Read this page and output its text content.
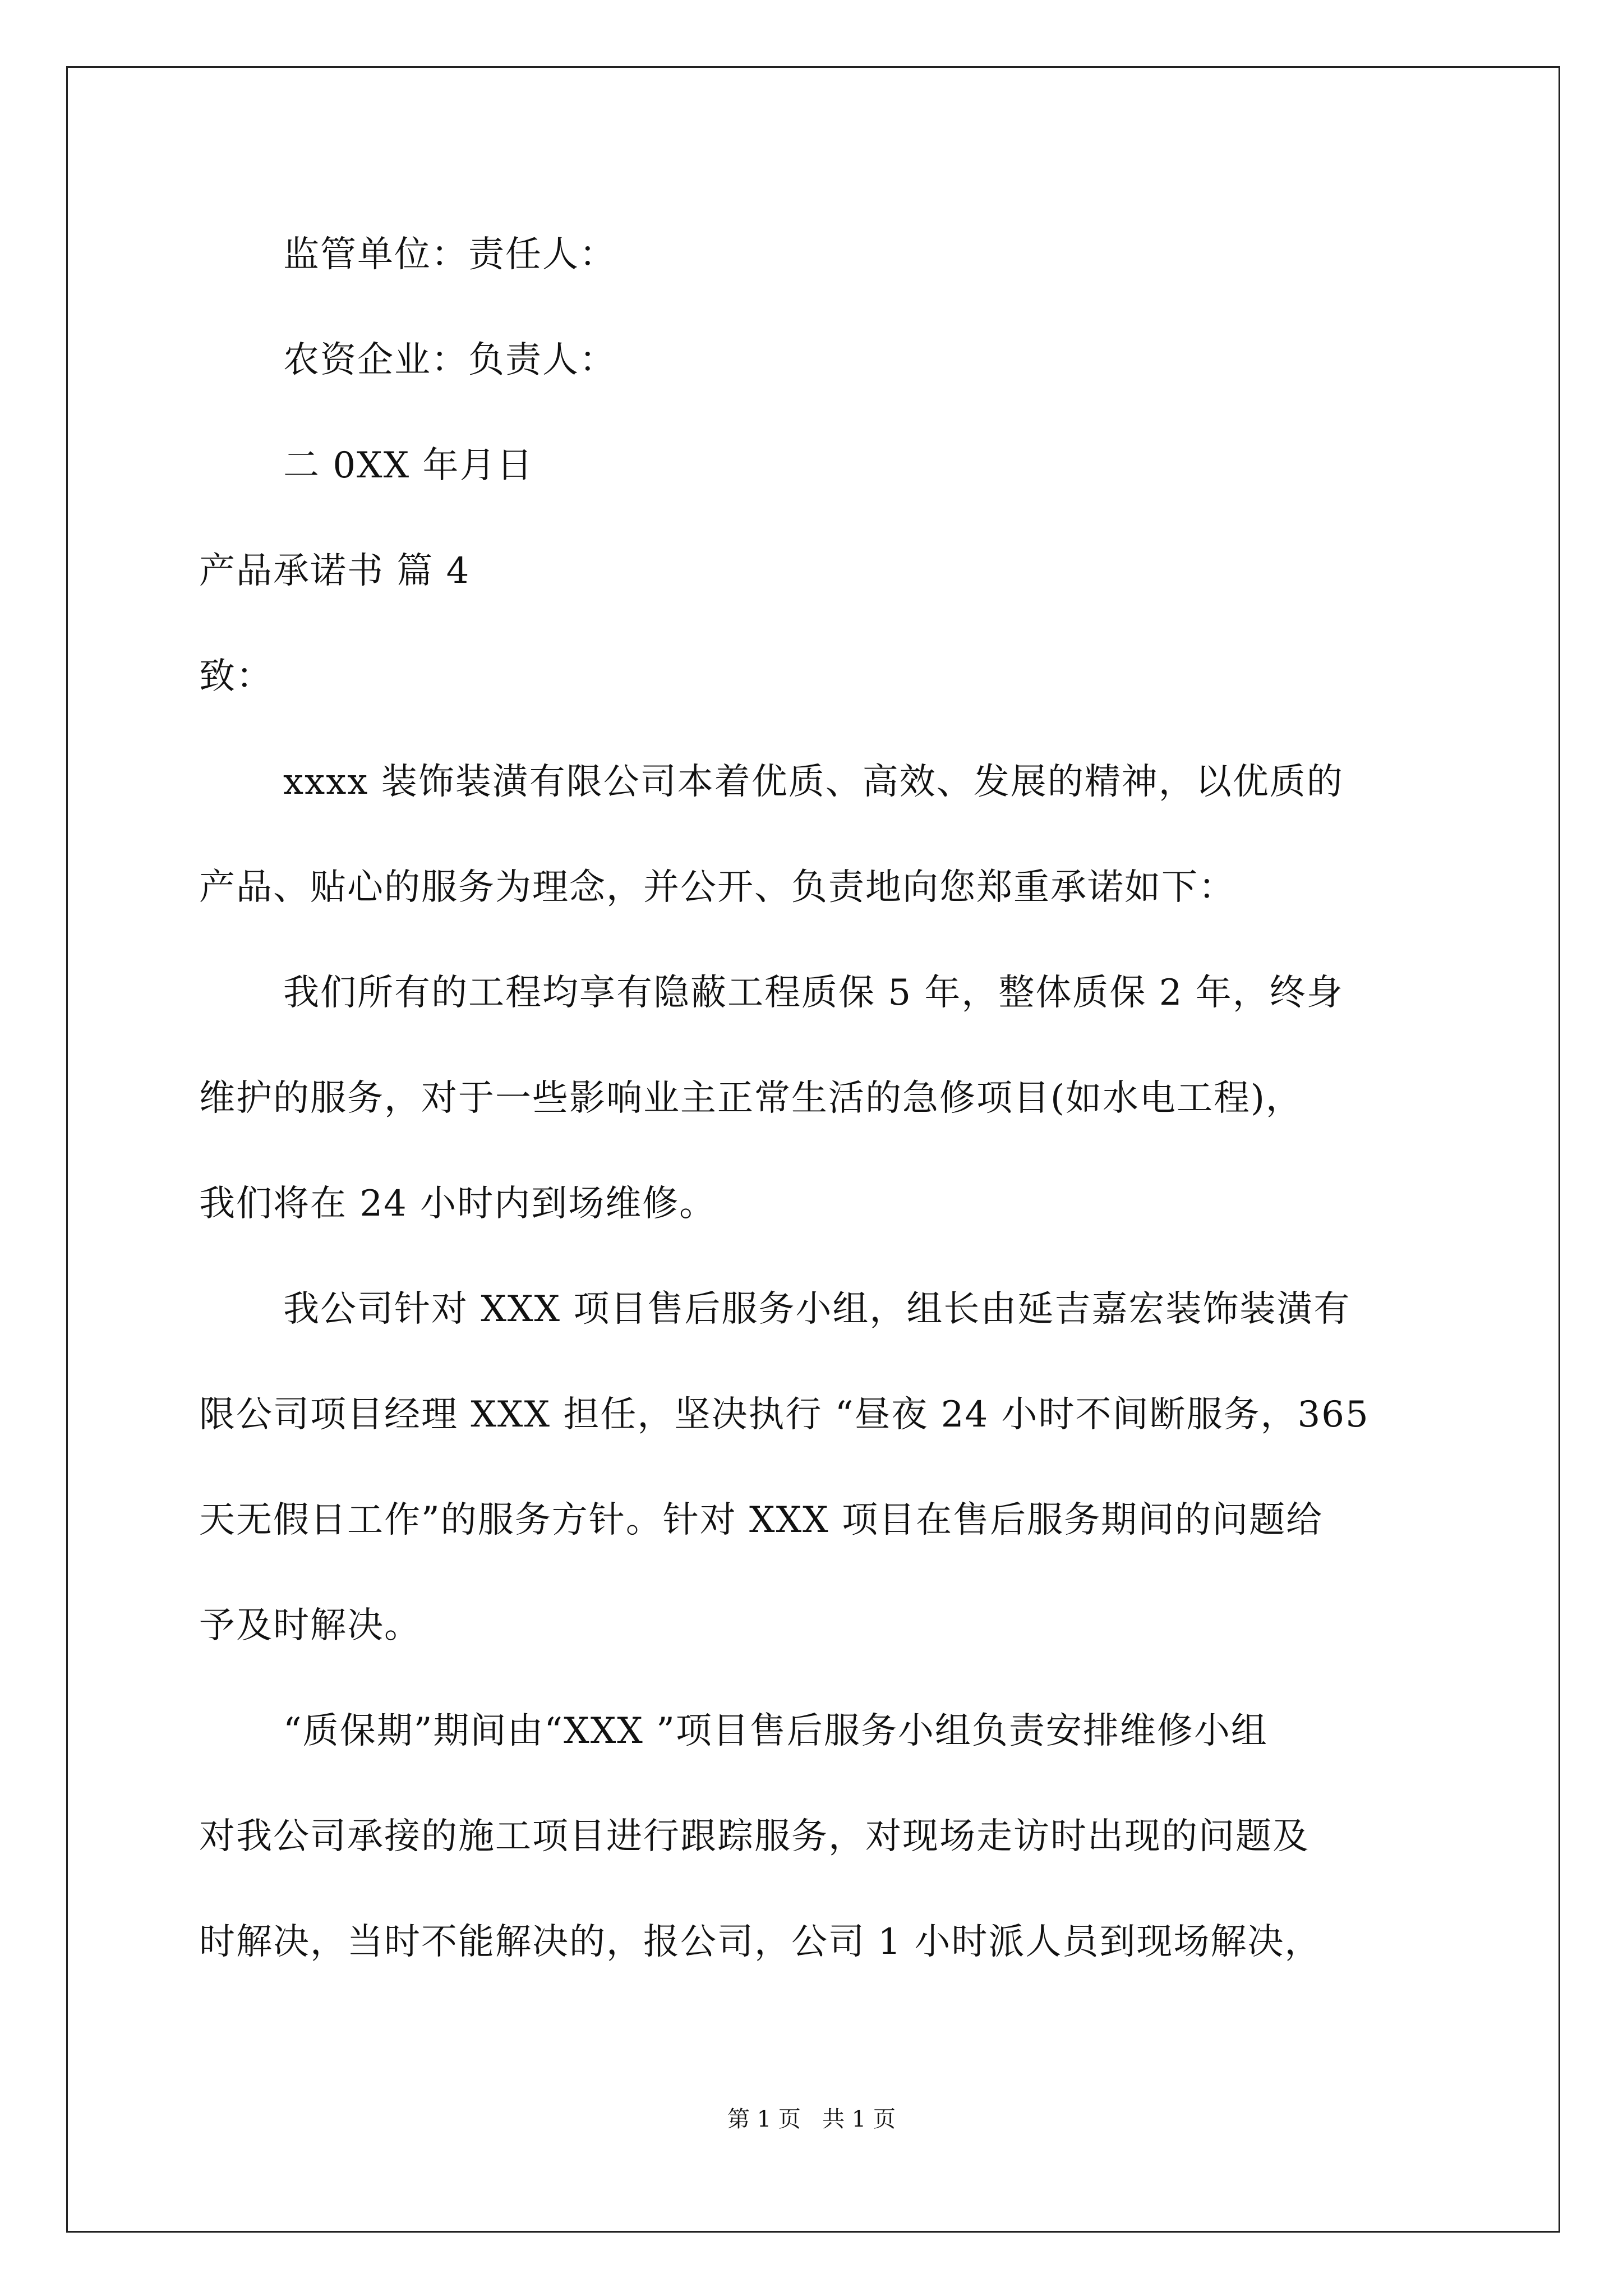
监管单位：责任人：
农资企业：负责人：
二 0XX 年月日
产品承诺书 篇 4
致：
xxxx 装饰装潢有限公司本着优质、高效、发展的精神，以优质的
产品、贴心的服务为理念，并公开、负责地向您郑重承诺如下：
我们所有的工程均享有隐蔽工程质保 5 年，整体质保 2 年，终身
维护的服务，对于一些影响业主正常生活的急修项目(如水电工程)，
我们将在 24 小时内到场维修。
我公司针对 XXX 项目售后服务小组，组长由延吉嘉宏装饰装潢有
限公司项目经理 XXX 担任，坚决执行 “昼夜 24 小时不间断服务，365
天无假日工作”的服务方针。针对 XXX 项目在售后服务期间的问题给
予及时解决。
“质保期”期间由“XXX ”项目售后服务小组负责安排维修小组
对我公司承接的施工项目进行跟踪服务，对现场走访时出现的问题及
时解决，当时不能解决的，报公司，公司 1 小时派人员到现场解决，
第 1 页   共 1 页
